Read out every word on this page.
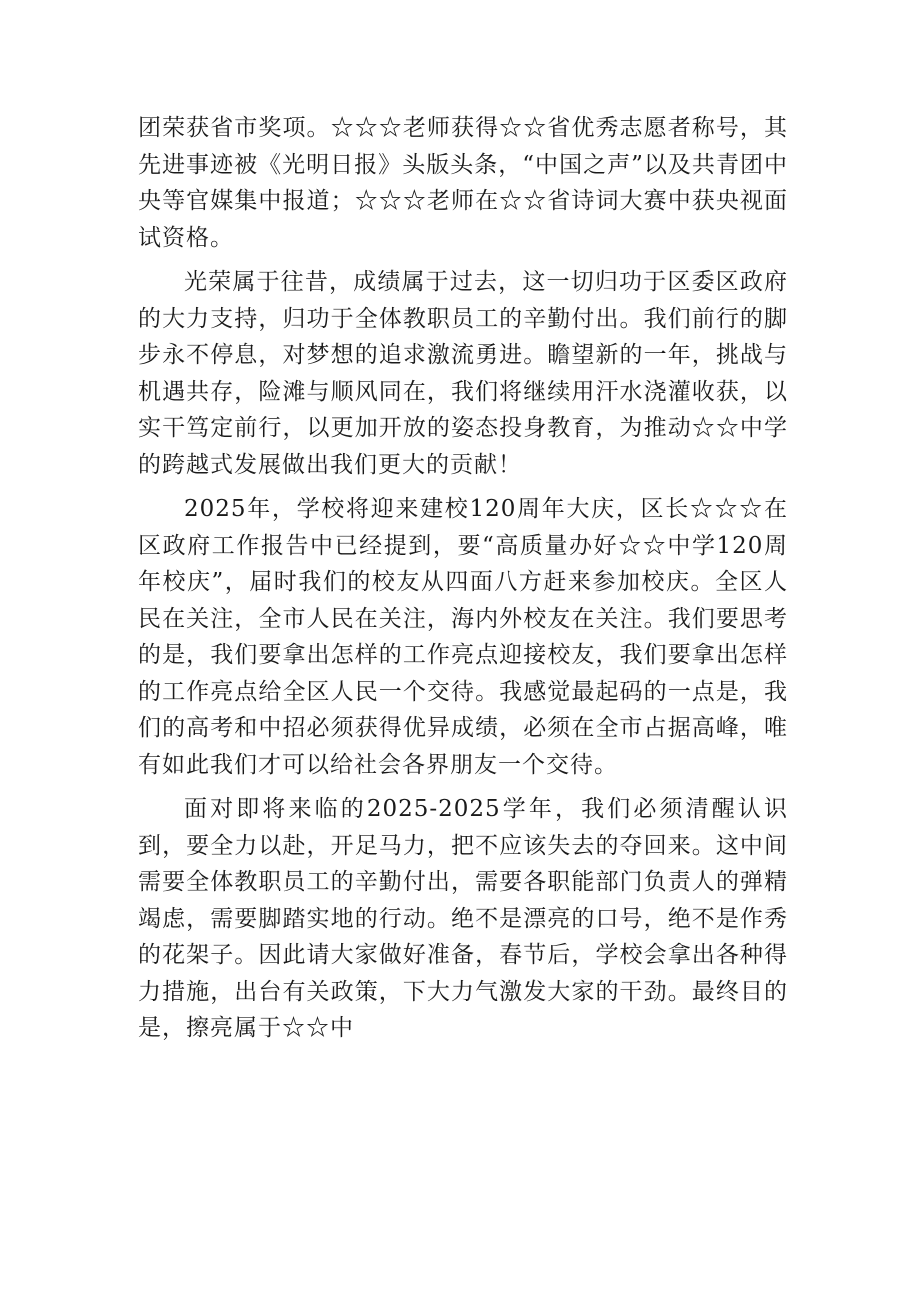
团荣获省市奖项。☆☆☆老师获得☆☆省优秀志愿者称号，其先进事迹被《光明日报》头版头条，“中国之声”以及共青团中央等官媒集中报道；☆☆☆老师在☆☆省诗词大赛中获央视面试资格。

光荣属于往昔，成绩属于过去，这一切归功于区委区政府的大力支持，归功于全体教职员工的辛勤付出。我们前行的脚步永不停息，对梦想的追求激流勇进。瞻望新的一年，挑战与机遇共存，险滩与顺风同在，我们将继续用汗水浇灌收获，以实干笃定前行，以更加开放的姿态投身教育，为推动☆☆中学的跨越式发展做出我们更大的贡献！

2025年，学校将迎来建校120周年大庆，区长☆☆☆在区政府工作报告中已经提到，要“高质量办好☆☆中学120周年校庆”，届时我们的校友从四面八方赶来参加校庆。全区人民在关注，全市人民在关注，海内外校友在关注。我们要思考的是，我们要拿出怎样的工作亮点迎接校友，我们要拿出怎样的工作亮点给全区人民一个交待。我感觉最起码的一点是，我们的高考和中招必须获得优异成绩，必须在全市占据高峰，唯有如此我们才可以给社会各界朋友一个交待。

面对即将来临的2025-2025学年，我们必须清醒认识到，要全力以赴，开足马力，把不应该失去的夺回来。这中间需要全体教职员工的辛勤付出，需要各职能部门负责人的弹精竭虑，需要脚踏实地的行动。绝不是漂亮的口号，绝不是作秀的花架子。因此请大家做好准备，春节后，学校会拿出各种得力措施，出台有关政策，下大力气激发大家的干劲。最终目的是，擦亮属于☆☆中
